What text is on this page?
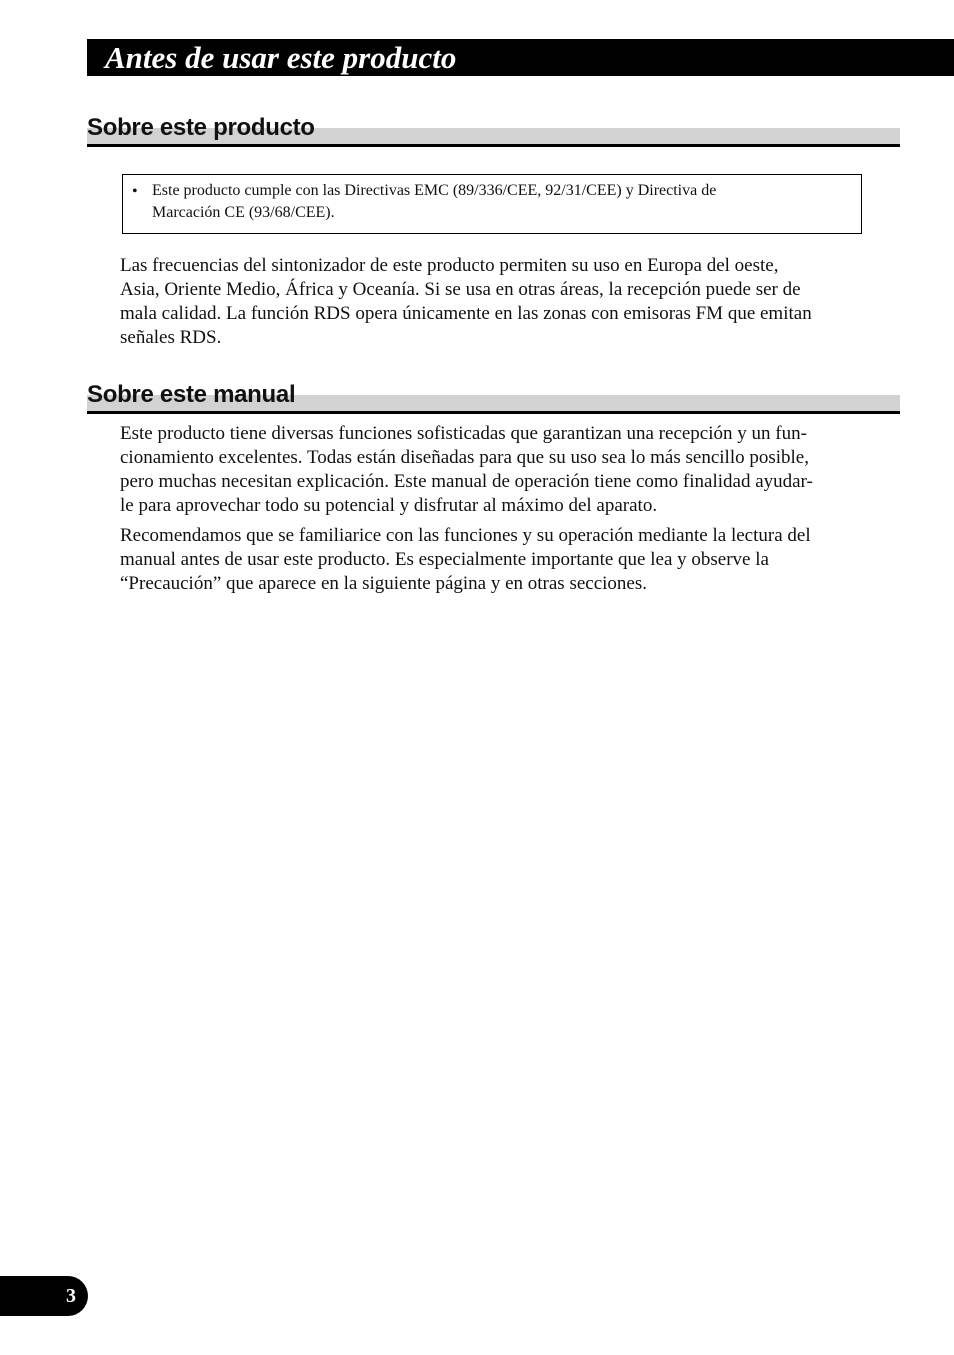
Antes de usar este producto
Sobre este producto
• Este producto cumple con las Directivas EMC (89/336/CEE, 92/31/CEE) y Directiva de
Marcación CE (93/68/CEE).
Las frecuencias del sintonizador de este producto permiten su uso en Europa del oeste,
Asia, Oriente Medio, África y Oceanía. Si se usa en otras áreas, la recepción puede ser de
mala calidad. La función RDS opera únicamente en las zonas con emisoras FM que emitan
señales RDS.
Sobre este manual
Este producto tiene diversas funciones sofisticadas que garantizan una recepción y un fun-
cionamiento excelentes. Todas están diseñadas para que su uso sea lo más sencillo posible,
pero muchas necesitan explicación. Este manual de operación tiene como finalidad ayudar-
le para aprovechar todo su potencial y disfrutar al máximo del aparato.
Recomendamos que se familiarice con las funciones y su operación mediante la lectura del
manual antes de usar este producto. Es especialmente importante que lea y observe la
“Precaución” que aparece en la siguiente página y en otras secciones.
3
